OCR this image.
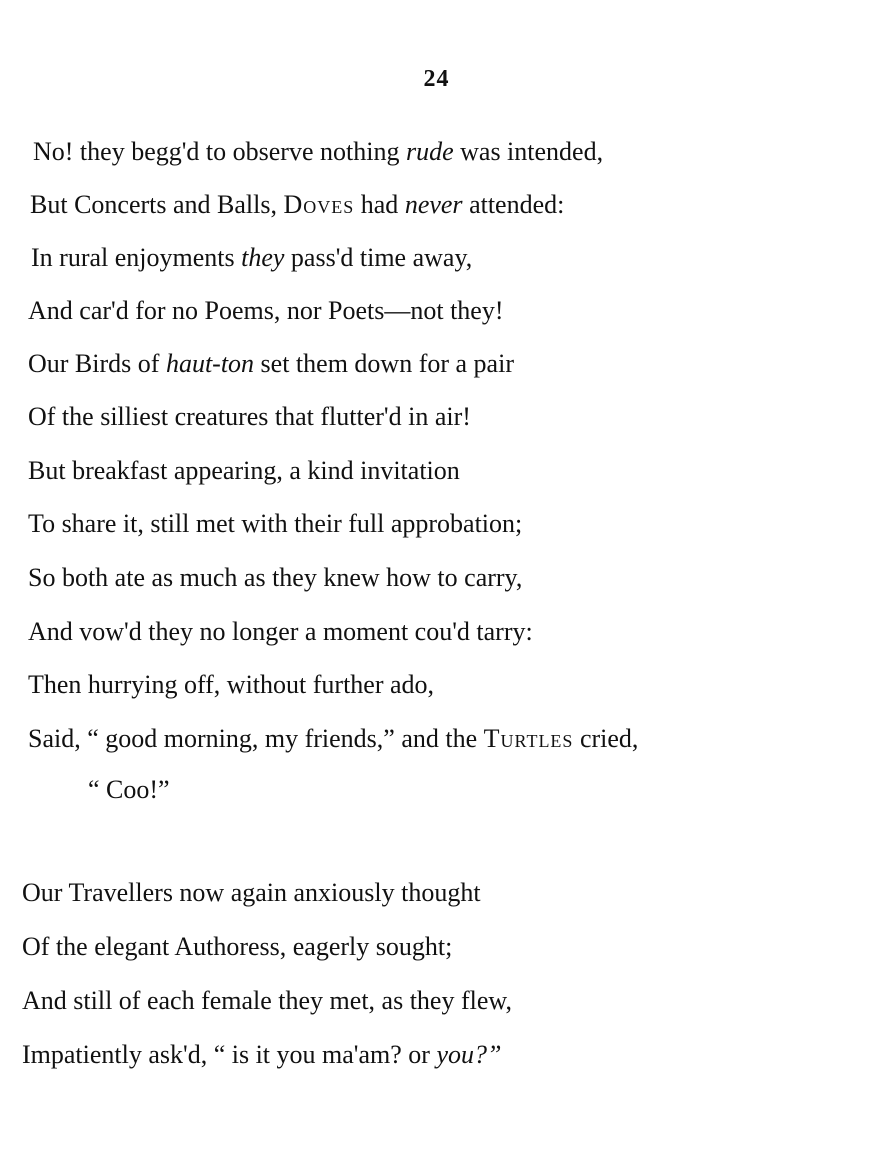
24
No! they begg'd to observe nothing rude was intended,
But Concerts and Balls, Doves had never attended:
In rural enjoyments they pass'd time away,
And car'd for no Poems, nor Poets—not they!
Our Birds of haut-ton set them down for a pair
Of the silliest creatures that flutter'd in air!
But breakfast appearing, a kind invitation
To share it, still met with their full approbation;
So both ate as much as they knew how to carry,
And vow'd they no longer a moment cou'd tarry:
Then hurrying off, without further ado,
Said, “ good morning, my friends,” and the Turtles cried,
“ Coo!”
Our Travellers now again anxiously thought
Of the elegant Authoress, eagerly sought;
And still of each female they met, as they flew,
Impatiently ask'd, “ is it you ma'am? or you?”
